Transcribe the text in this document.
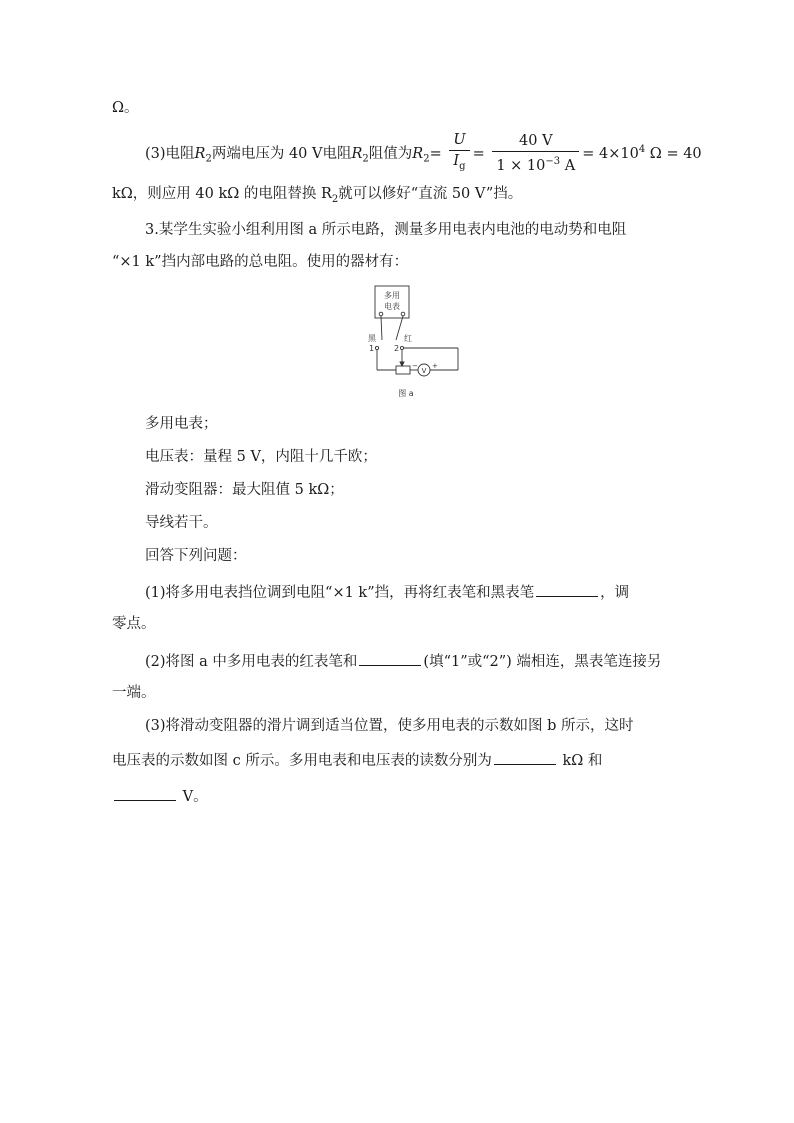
Ω。
(3)电阻$R_2$两端电压为 40 V电阻$R_2$阻值为$R_2= \frac{U}{I_g} = \frac{40 V}{1 \times 10^{-3} A} = 4\times 10^4$ Ω = 40
kΩ，则应用 40 kΩ 的电阻替换 $R_2$就可以修好“直流 50 V”挡。
3.某学生实验小组利用图 a 所示电路，测量多用电表内电池的电动势和电阻
“×1 k”挡内部电路的总电阻。使用的器材有：
多用
电表
黑	红
1 2
−
V
+
图 a
多用电表；
电压表：量程 5 V，内阻十几千欧；
滑动变阻器：最大阻值 5 kΩ；
导线若干。
回答下列问题：
(1)将多用电表挡位调到电阻“×1 k”挡，再将红表笔和黑表笔	，调
零点。
(2)将图 a 中多用电表的红表笔和	(填“1”或“2”) 端相连，黑表笔连接另
一端。
(3)将滑动变阻器的滑片调到适当位置，使多用电表的示数如图 b 所示，这时
电压表的示数如图 c 所示。多用电表和电压表的读数分别为	kΩ 和
V。
